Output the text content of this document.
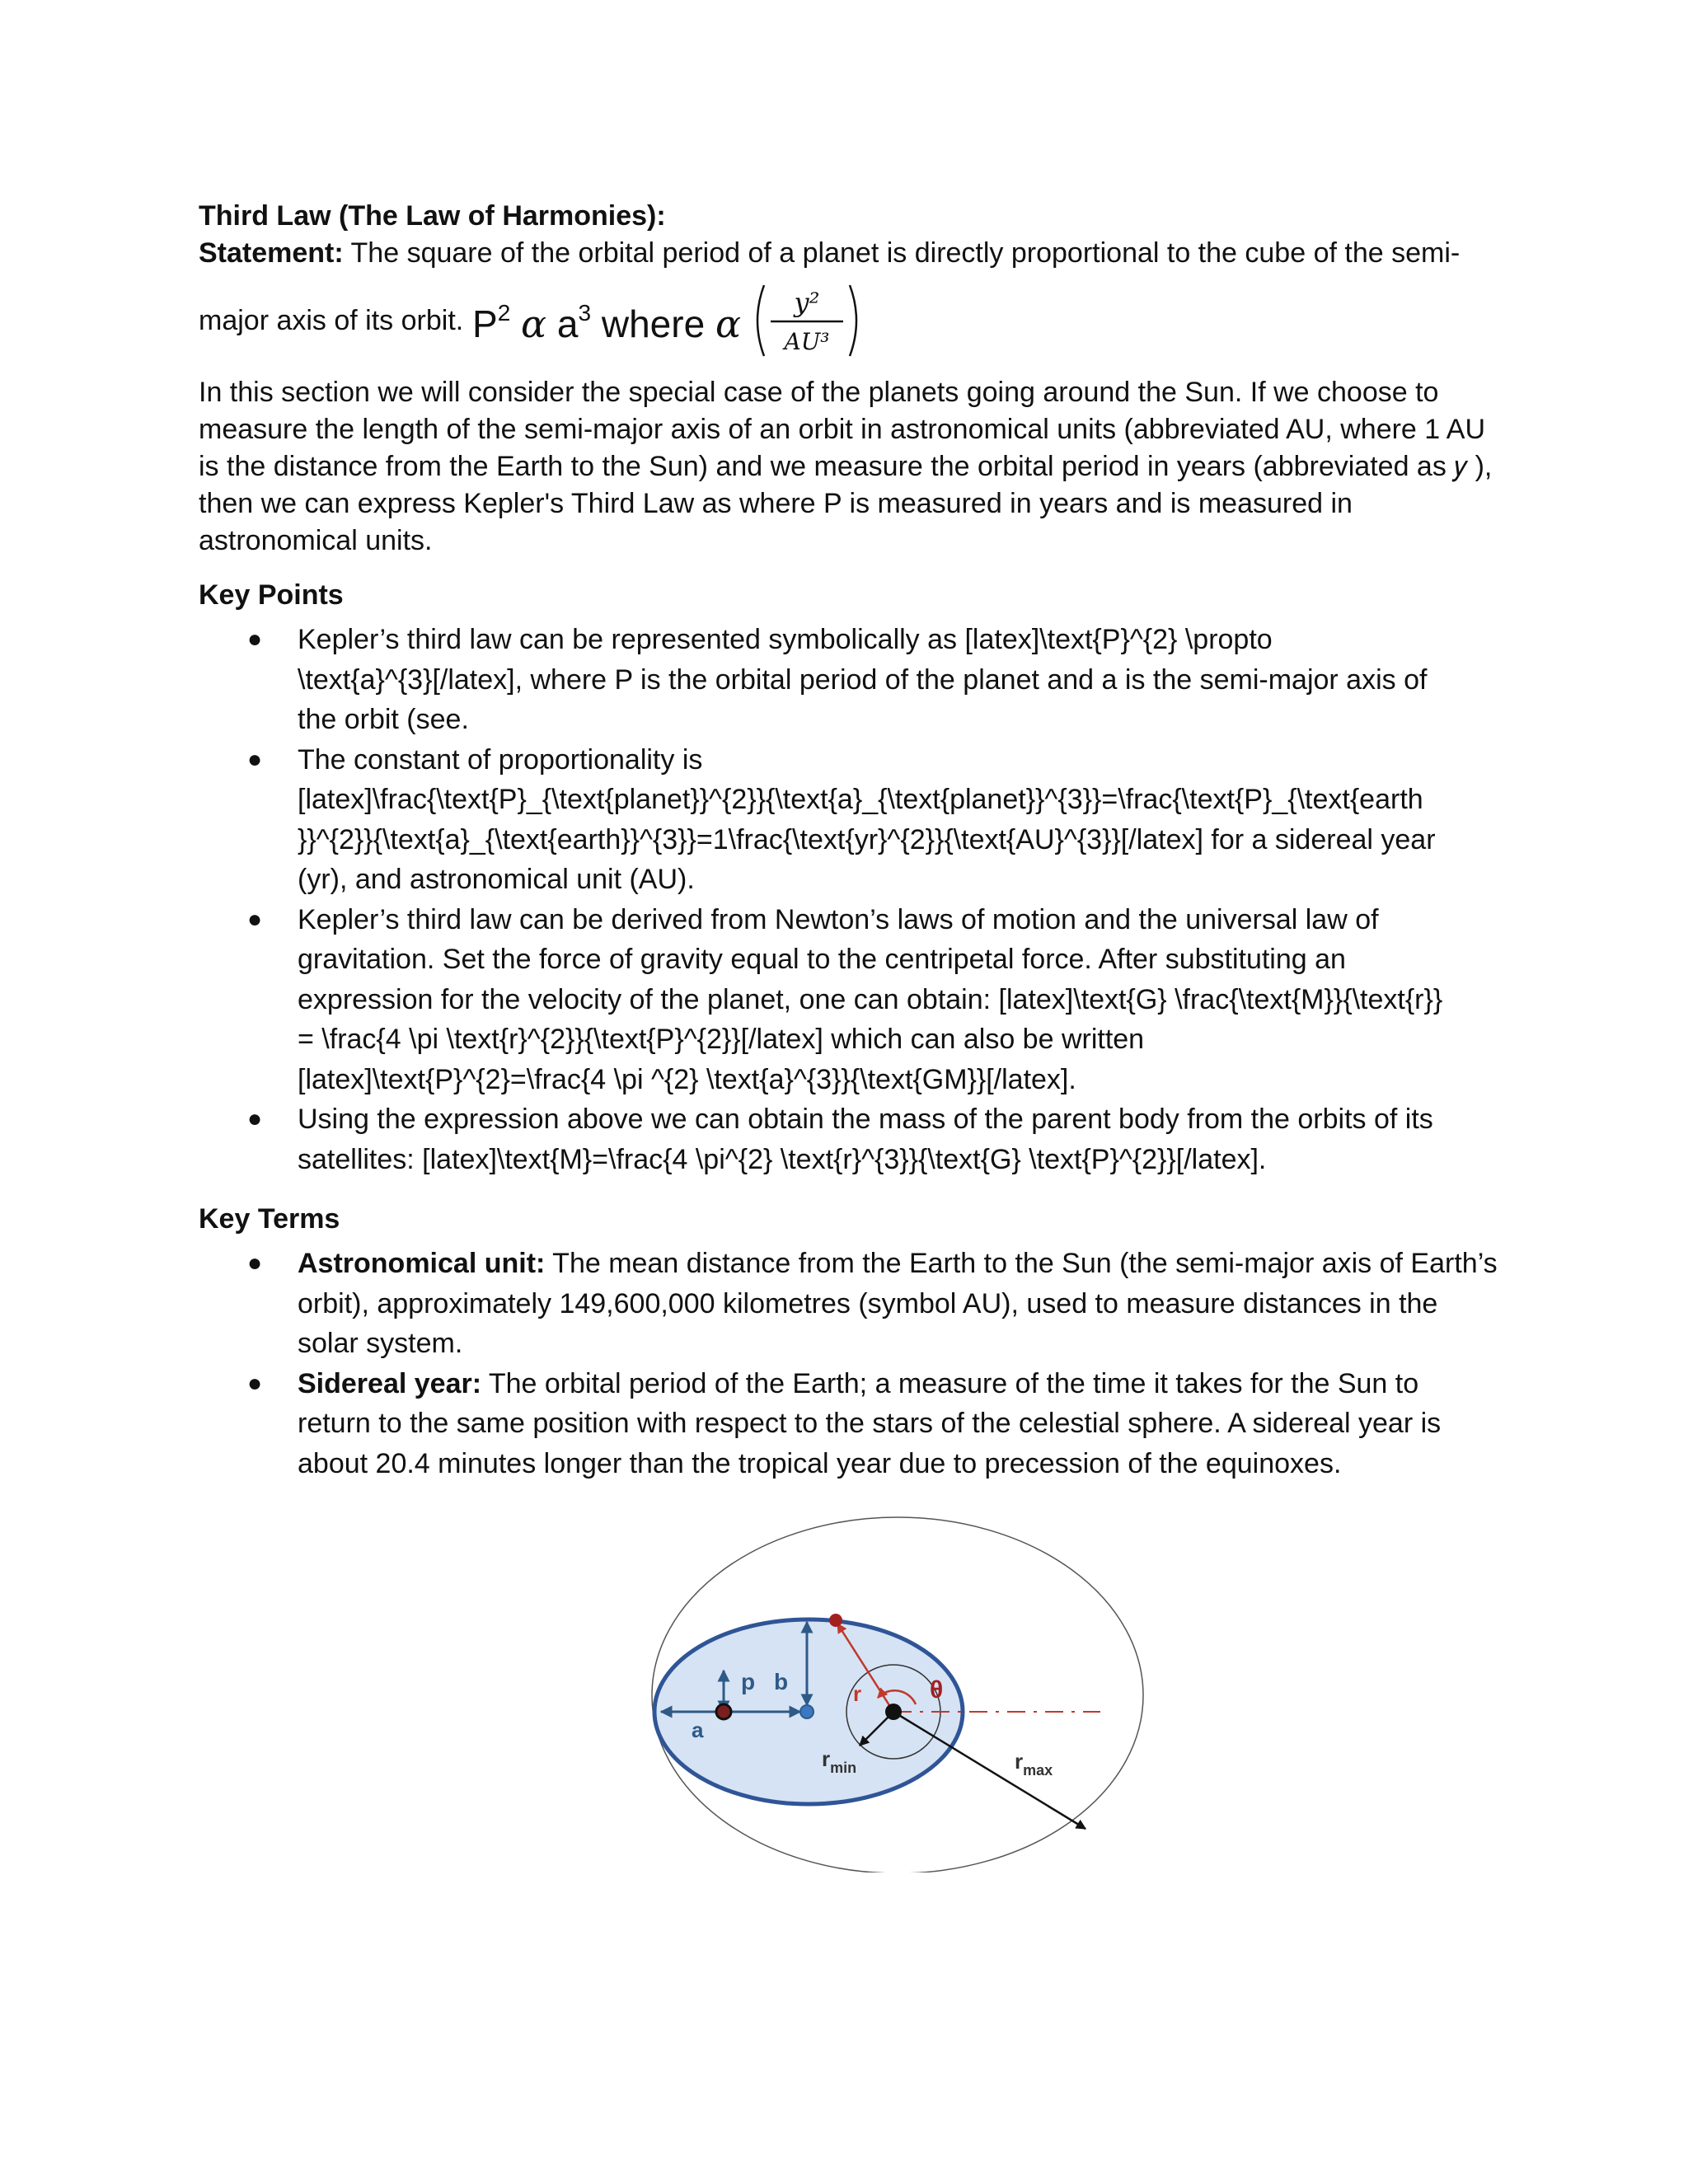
Third Law (The Law of Harmonies):
Statement: The square of the orbital period of a planet is directly proportional to the cube of the semi-
major axis of its orbit. $P^2$ α $a^3$ where α y²
AU³

In this section we will consider the special case of the planets going around the Sun. If we choose to

measure the length of the semi-major axis of an orbit in astronomical units (abbreviated AU, where 1 AU

is the distance from the Earth to the Sun) and we measure the orbital period in years (abbreviated as 𝑦 ),

then we can express Kepler's Third Law as where P is measured in years and is measured in

astronomical units.

Key Points
● Kepler’s third law can be represented symbolically as [latex]\text{P}^{2} \propto

\text{a}^{3}[/latex], where P is the orbital period of the planet and a is the semi-major axis of

the orbit (see.

● The constant of proportionality is

[latex]\frac{\text{P}_{\text{planet}}^{2}}{\text{a}_{\text{planet}}^{3}}=\frac{\text{P}_{\text{earth

}}^{2}}{\text{a}_{\text{earth}}^{3}}=1\frac{\text{yr}^{2}}{\text{AU}^{3}}[/latex] for a sidereal year

(yr), and astronomical unit (AU).

● Kepler’s third law can be derived from Newton’s laws of motion and the universal law of

gravitation. Set the force of gravity equal to the centripetal force. After substituting an

expression for the velocity of the planet, one can obtain: [latex]\text{G} \frac{\text{M}}{\text{r}}

= \frac{4 \pi \text{r}^{2}}{\text{P}^{2}}[/latex] which can also be written

[latex]\text{P}^{2}=\frac{4 \pi ^{2} \text{a}^{3}}{\text{GM}}[/latex].

● Using the expression above we can obtain the mass of the parent body from the orbits of its

satellites: [latex]\text{M}=\frac{4 \pi^{2} \text{r}^{3}}{\text{G} \text{P}^{2}}[/latex].

Key Terms
● Astronomical unit: The mean distance from the Earth to the Sun (the semi-major axis of Earth’s

orbit), approximately 149,600,000 kilometres (symbol AU), used to measure distances in the

solar system.

● Sidereal year: The orbital period of the Earth; a measure of the time it takes for the Sun to

return to the same position with respect to the stars of the celestial sphere. A sidereal year is

about 20.4 minutes longer than the tropical year due to precession of the equinoxes.

a
p b	r	θ
$r_{min}$	$r_{max}$
